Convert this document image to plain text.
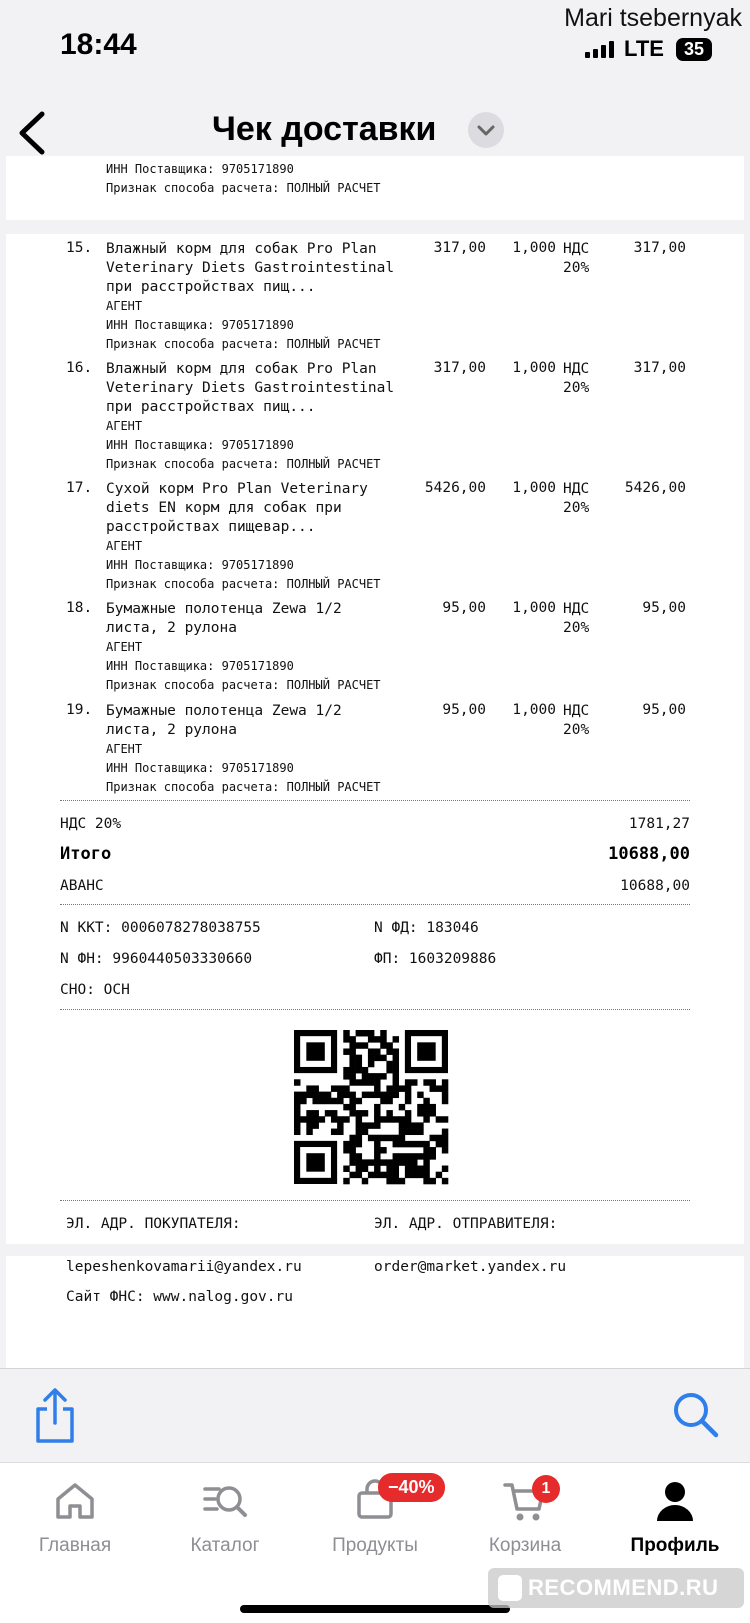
18:44
Mari tsebernyak
LTE	35
Чек доставки
ИНН Поставщика: 9705171890
Признак способа расчета: ПОЛНЫЙ РАСЧЕТ
15. Влажный корм для собак Pro Plan
Veterinary Diets Gastrointestinal
при расстройствах пищ...
317,00	1,000 НДС
20%
317,00
АГЕНТ
ИНН Поставщика: 9705171890
Признак способа расчета: ПОЛНЫЙ РАСЧЕТ
16. Влажный корм для собак Pro Plan
Veterinary Diets Gastrointestinal
при расстройствах пищ...
317,00	1,000 НДС
20%
317,00
АГЕНТ
ИНН Поставщика: 9705171890
Признак способа расчета: ПОЛНЫЙ РАСЧЕТ
17. Сухой корм Pro Plan Veterinary
diets EN корм для собак при
расстройствах пищевар...
5426,00	1,000 НДС
20%
5426,00
АГЕНТ
ИНН Поставщика: 9705171890
Признак способа расчета: ПОЛНЫЙ РАСЧЕТ
18. Бумажные полотенца Zewa 1/2
листа, 2 рулона
95,00	1,000 НДС
20%
95,00
АГЕНТ
ИНН Поставщика: 9705171890
Признак способа расчета: ПОЛНЫЙ РАСЧЕТ
19. Бумажные полотенца Zewa 1/2
листа, 2 рулона
95,00	1,000 НДС
20%
95,00
АГЕНТ
ИНН Поставщика: 9705171890
Признак способа расчета: ПОЛНЫЙ РАСЧЕТ
НДС 20%	1781,27
Итого	10688,00
АВАНС	10688,00
N ККТ: 0006078278038755	N ФД: 183046
N ФН: 9960440503330660	ФП: 1603209886
СНО: ОСН
ЭЛ. АДР. ПОКУПАТЕЛЯ:	ЭЛ. АДР. ОТПРАВИТЕЛЯ:
lepeshenkovamarii@yandex.ru	order@market.yandex.ru
Сайт ФНС: www.nalog.gov.ru
Главная	Каталог	Продукты
−40%
Корзина
1
Профиль
RECOMMEND.RU
